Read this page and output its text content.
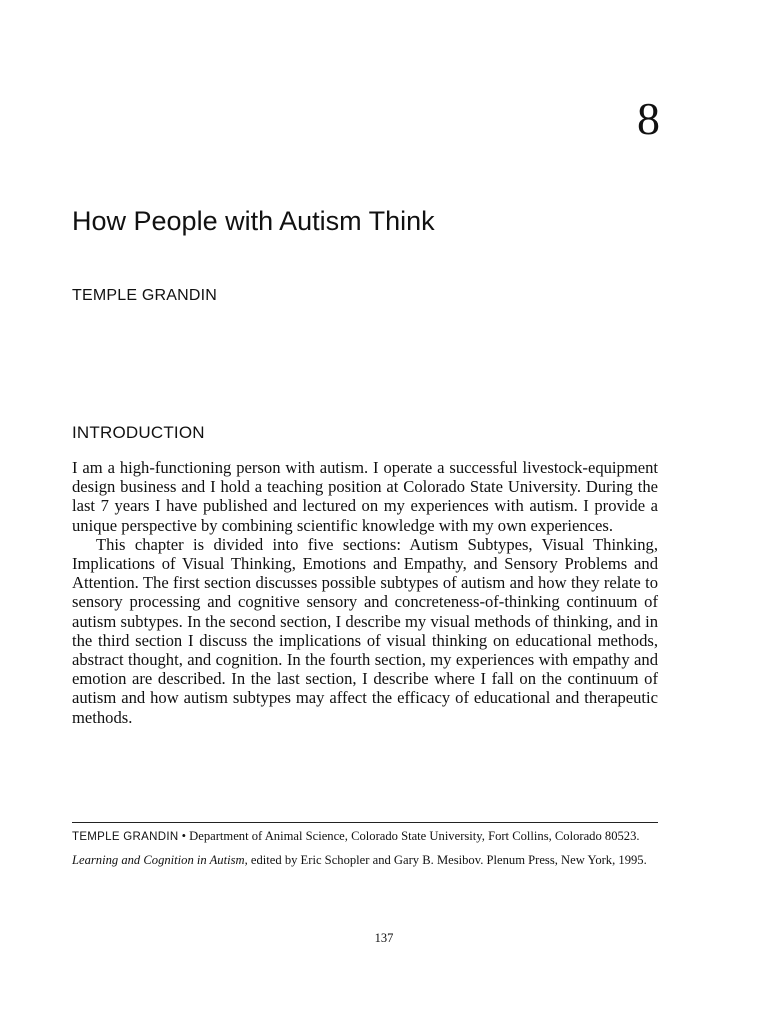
8
How People with Autism Think
TEMPLE GRANDIN
INTRODUCTION

I am a high-functioning person with autism. I operate a successful livestock-equipment design business and I hold a teaching position at Colorado State University. During the last 7 years I have published and lectured on my experiences with autism. I provide a unique perspective by combining scientific knowledge with my own experiences.

This chapter is divided into five sections: Autism Subtypes, Visual Thinking, Implications of Visual Thinking, Emotions and Empathy, and Sensory Problems and Attention. The first section discusses possible subtypes of autism and how they relate to sensory processing and cognitive sensory and concreteness-of-thinking continuum of autism subtypes. In the second section, I describe my visual methods of thinking, and in the third section I discuss the implications of visual thinking on educational methods, abstract thought, and cognition. In the fourth section, my experiences with empathy and emotion are described. In the last section, I describe where I fall on the continuum of autism and how autism subtypes may affect the efficacy of educational and therapeutic methods.

TEMPLE GRANDIN • Department of Animal Science, Colorado State University, Fort Collins, Colorado 80523.

Learning and Cognition in Autism, edited by Eric Schopler and Gary B. Mesibov. Plenum Press, New York, 1995.

137
